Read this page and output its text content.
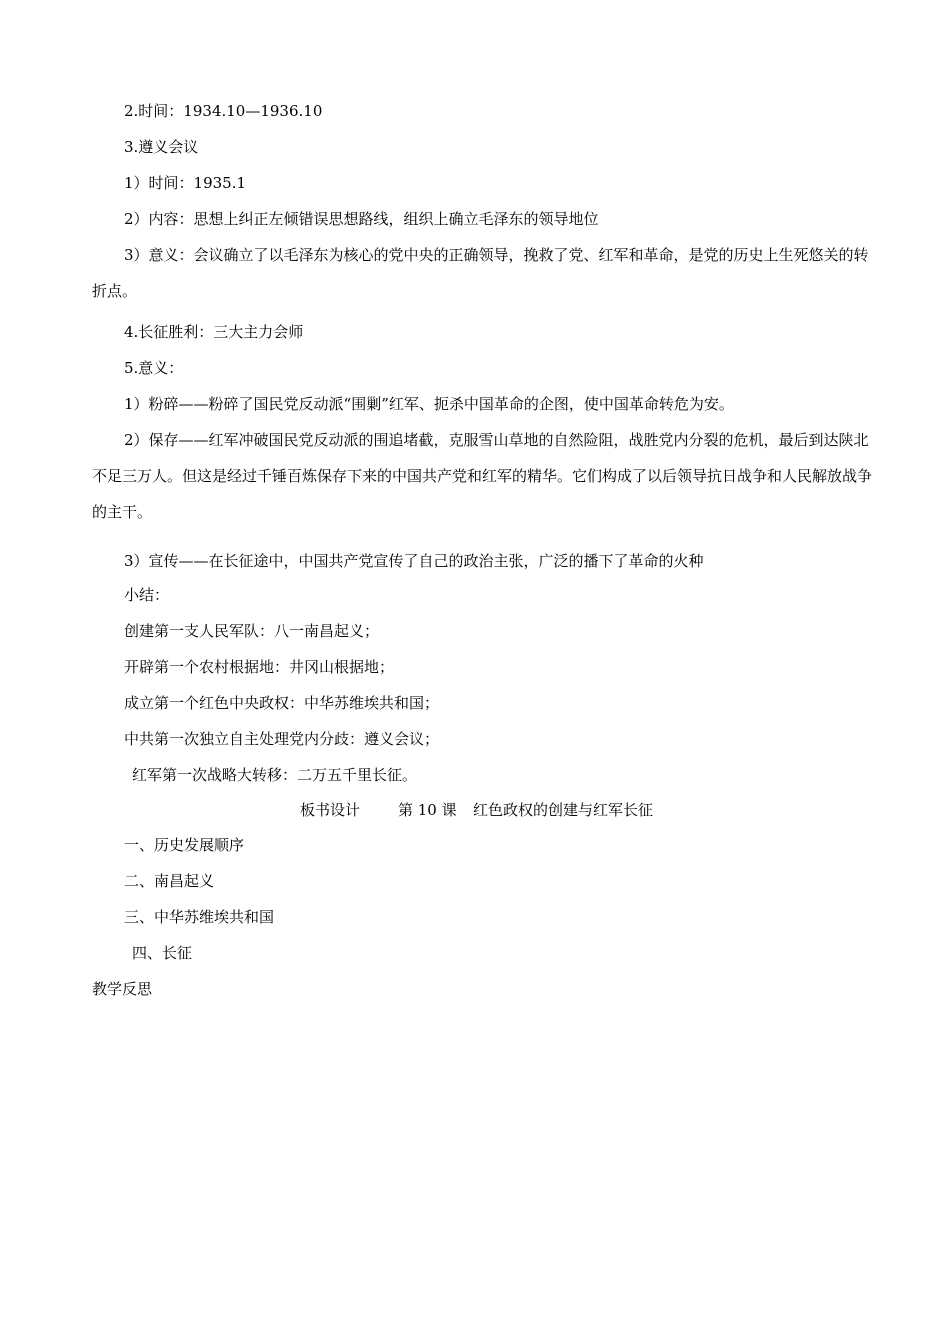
2.时间：1934.10—1936.10
3.遵义会议
1）时间：1935.1
2）内容：思想上纠正左倾错误思想路线，组织上确立毛泽东的领导地位
3）意义：会议确立了以毛泽东为核心的党中央的正确领导，挽救了党、红军和革命，是党的历史上生死悠关的转折点。
4.长征胜利：三大主力会师
5.意义：
1）粉碎——粉碎了国民党反动派“围剿”红军、扼杀中国革命的企图，使中国革命转危为安。
2）保存——红军冲破国民党反动派的围追堵截，克服雪山草地的自然险阻，战胜党内分裂的危机，最后到达陕北不足三万人。但这是经过千锤百炼保存下来的中国共产党和红军的精华。它们构成了以后领导抗日战争和人民解放战争的主干。
3）宣传——在长征途中，中国共产党宣传了自己的政治主张，广泛的播下了革命的火种
小结：
创建第一支人民军队：八一南昌起义；
开辟第一个农村根据地：井冈山根据地；
成立第一个红色中央政权：中华苏维埃共和国；
中共第一次独立自主处理党内分歧：遵义会议；
红军第一次战略大转移：二万五千里长征。
板书设计	第 10 课 红色政权的创建与红军长征
一、历史发展顺序
二、南昌起义
三、中华苏维埃共和国
四、长征
教学反思
